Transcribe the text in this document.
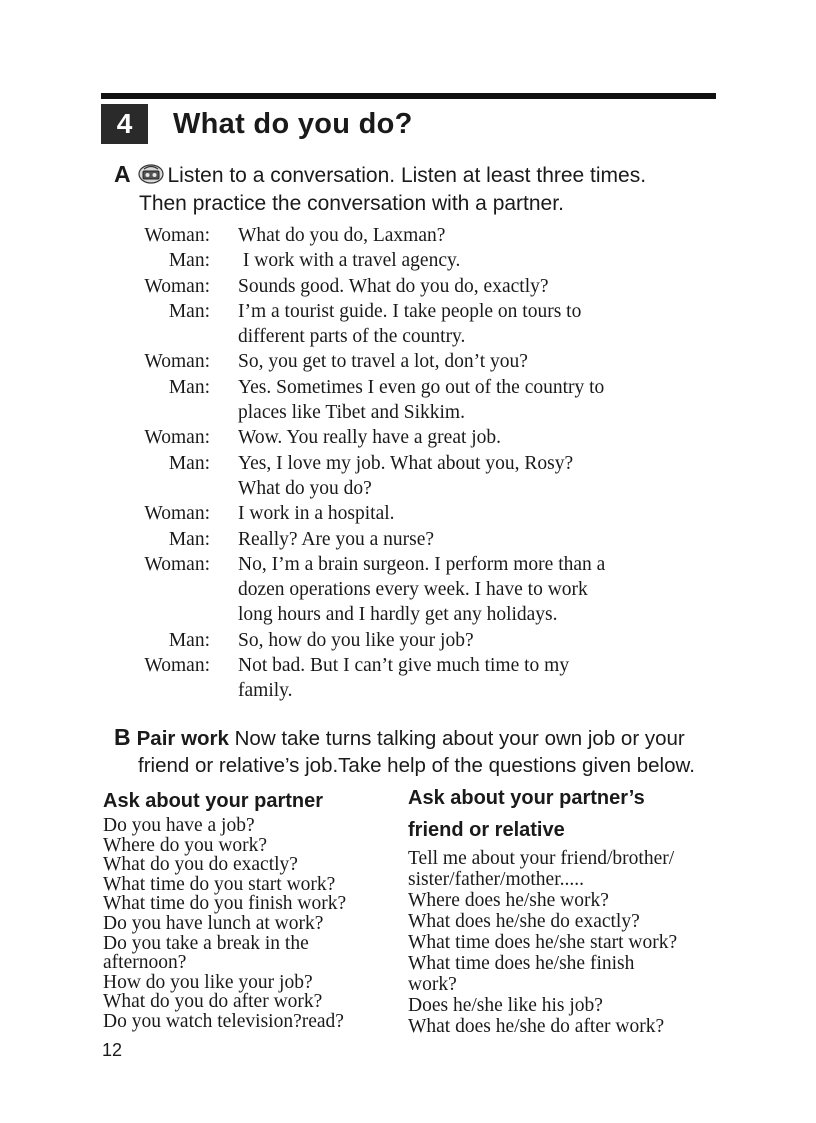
4	What do you do?
A Listen to a conversation. Listen at least three times.
Then practice the conversation with a partner.
Woman: What do you do, Laxman?
Man: I work with a travel agency.
Woman: Sounds good. What do you do, exactly?
Man: I’m a tourist guide. I take people on tours to
different parts of the country.
Woman: So, you get to travel a lot, don’t you?
Man: Yes. Sometimes I even go out of the country to
places like Tibet and Sikkim.
Woman: Wow. You really have a great job.
Man: Yes, I love my job. What about you, Rosy?
What do you do?
Woman: I work in a hospital.
Man: Really? Are you a nurse?
Woman: No, I’m a brain surgeon. I perform more than a
dozen operations every week. I have to work
long hours and I hardly get any holidays.
Man: So, how do you like your job?
Woman: Not bad. But I can’t give much time to my
family.
B Pair work Now take turns talking about your own job or your
friend or relative’s job.Take help of the questions given below.
Ask about your partner
Do you have a job?
Where do you work?
What do you do exactly?
What time do you start work?
What time do you finish work?
Do you have lunch at work?
Do you take a break in the
afternoon?
How do you like your job?
What do you do after work?
Do you watch television?read?
Ask about your partner’s
friend or relative
Tell me about your friend/brother/
sister/father/mother.....
Where does he/she work?
What does he/she do exactly?
What time does he/she start work?
What time does he/she finish
work?
Does he/she like his job?
What does he/she do after work?
12
